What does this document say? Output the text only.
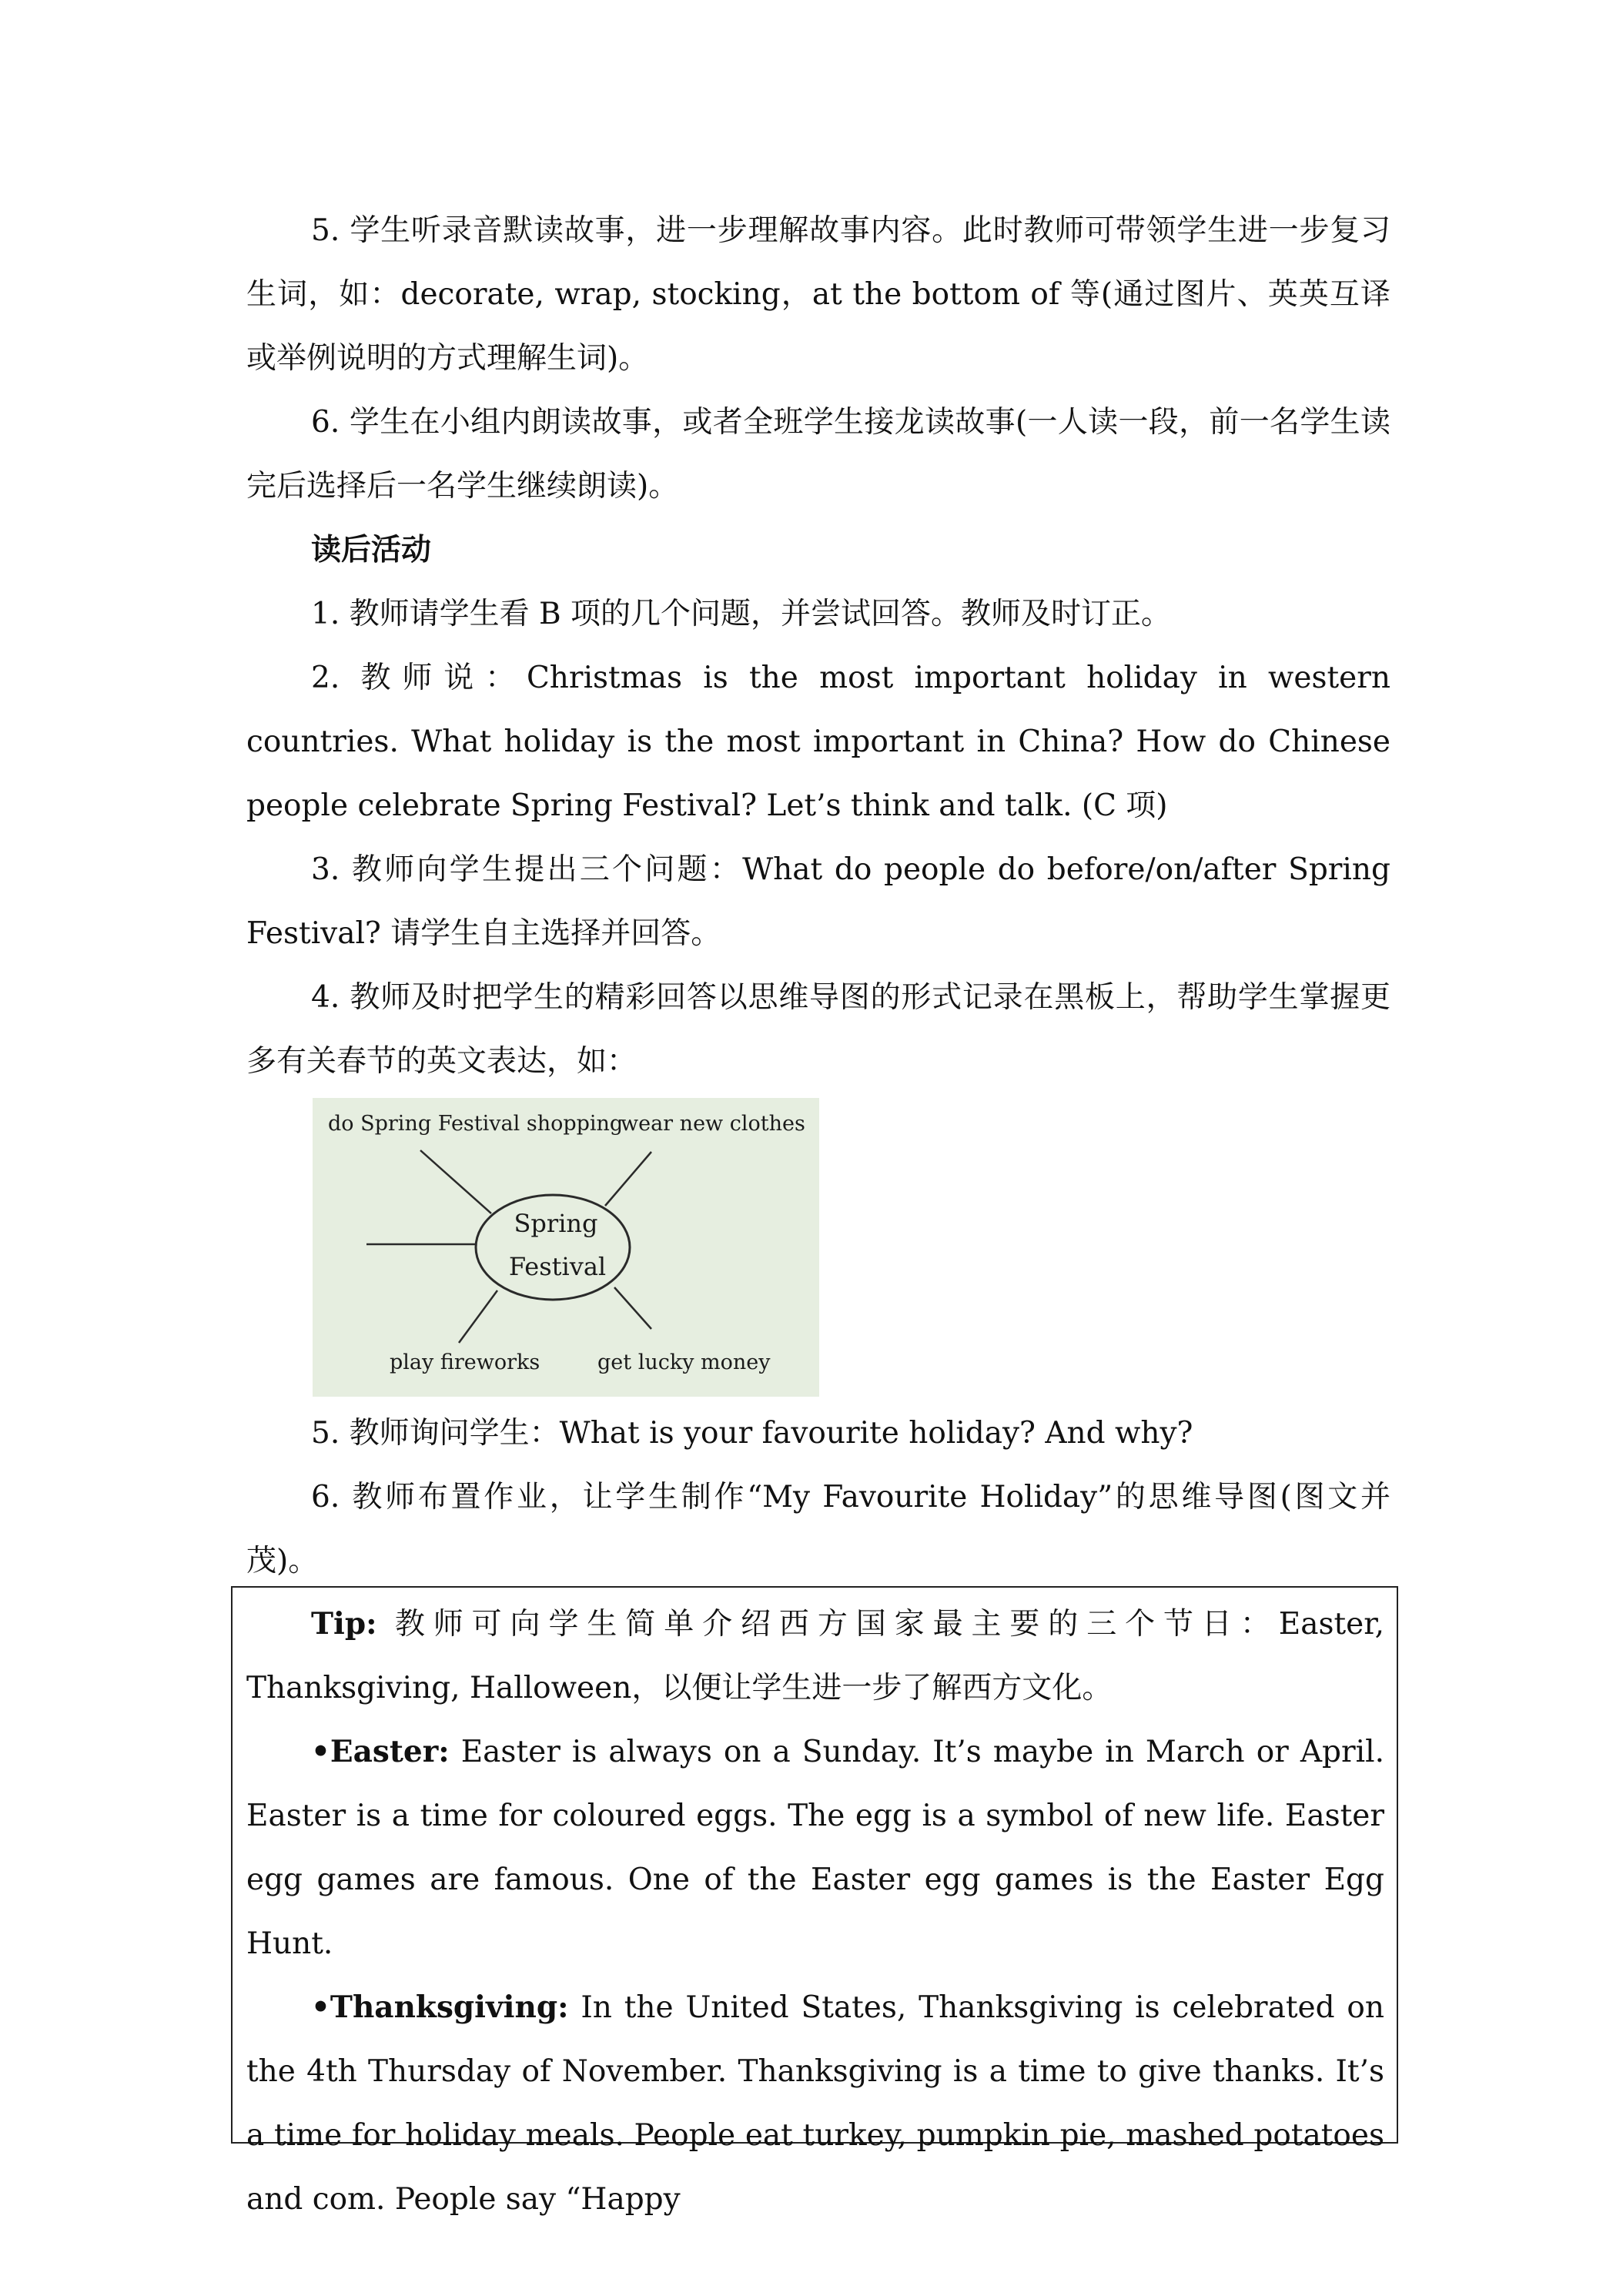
5. 学生听录音默读故事，进一步理解故事内容。此时教师可带领学生进一步复习生词，如：decorate, wrap, stocking，at the bottom of 等(通过图片、英英互译或举例说明的方式理解生词)。

6. 学生在小组内朗读故事，或者全班学生接龙读故事(一人读一段，前一名学生读完后选择后一名学生继续朗读)。

读后活动

1. 教师请学生看 B 项的几个问题，并尝试回答。教师及时订正。

2. 教师说：Christmas is the most important holiday in western countries. What holiday is the most important in China? How do Chinese people celebrate Spring Festival? Let’s think and talk. (C 项)

3. 教师向学生提出三个问题：What do people do before/on/after Spring Festival? 请学生自主选择并回答。

4. 教师及时把学生的精彩回答以思维导图的形式记录在黑板上，帮助学生掌握更多有关春节的英文表达，如：

Spring
Festival
do Spring Festival shopping
wear new clothes
play fireworks	get lucky money

5. 教师询问学生：What is your favourite holiday? And why?

6. 教师布置作业，让学生制作“My Favourite Holiday”的思维导图(图文并茂)。

Tip: 教师可向学生简单介绍西方国家最主要的三个节日：Easter, Thanksgiving, Halloween，以便让学生进一步了解西方文化。

•Easter: Easter is always on a Sunday. It’s maybe in March or April. Easter is a time for coloured eggs. The egg is a symbol of new life. Easter egg games are famous. One of the Easter egg games is the Easter Egg Hunt.

•Thanksgiving: In the United States, Thanksgiving is celebrated on the 4th Thursday of November. Thanksgiving is a time to give thanks. It’s a time for holiday meals. People eat turkey, pumpkin pie, mashed potatoes and com. People say “Happy
